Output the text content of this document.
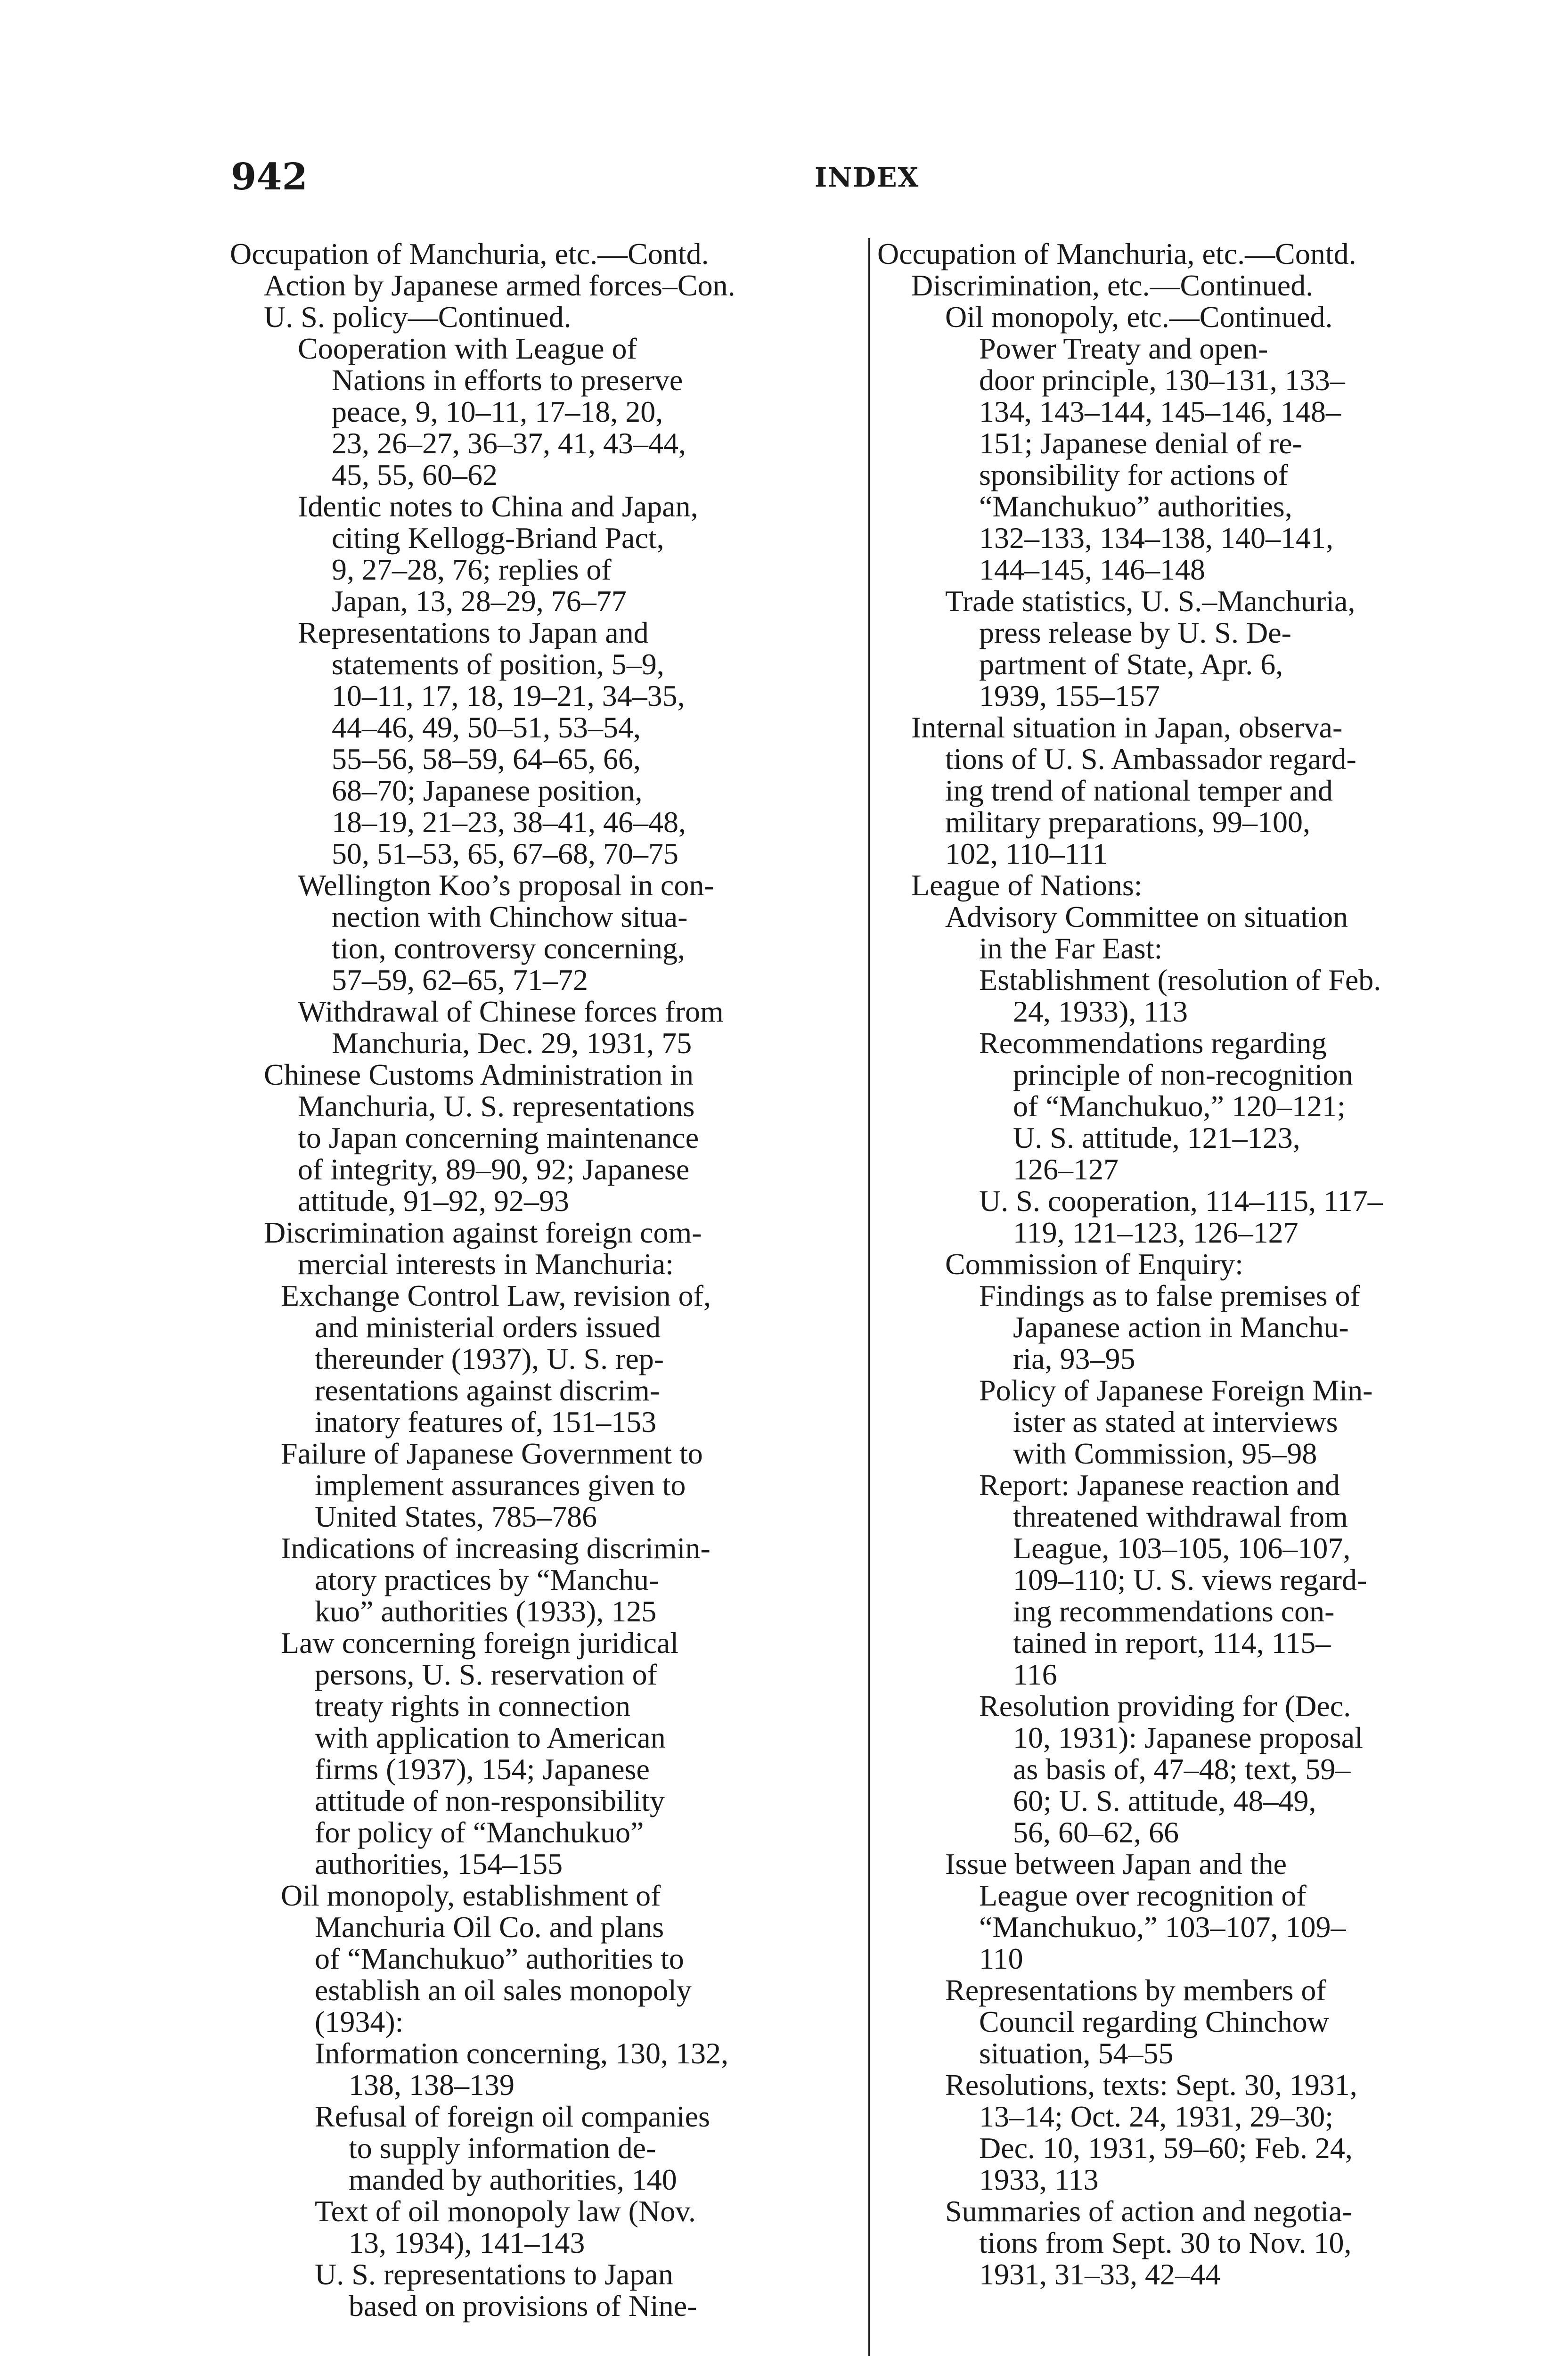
942	INDEX

Occupation of Manchuria, etc.—Contd.

Action by Japanese armed forces–Con.

U. S. policy—Continued.

Cooperation with League of

Nations in efforts to preserve

peace, 9, 10–11, 17–18, 20,

23, 26–27, 36–37, 41, 43–44,

45, 55, 60–62

Identic notes to China and Japan,

citing Kellogg-Briand Pact,

9, 27–28, 76; replies of

Japan, 13, 28–29, 76–77

Representations to Japan and

statements of position, 5–9,

10–11, 17, 18, 19–21, 34–35,

44–46, 49, 50–51, 53–54,

55–56, 58–59, 64–65, 66,

68–70; Japanese position,

18–19, 21–23, 38–41, 46–48,

50, 51–53, 65, 67–68, 70–75

Wellington Koo’s proposal in con-

nection with Chinchow situa-

tion, controversy concerning,

57–59, 62–65, 71–72

Withdrawal of Chinese forces from

Manchuria, Dec. 29, 1931, 75

Chinese Customs Administration in

Manchuria, U. S. representations

to Japan concerning maintenance

of integrity, 89–90, 92; Japanese

attitude, 91–92, 92–93

Discrimination against foreign com-

mercial interests in Manchuria:

Exchange Control Law, revision of,

and ministerial orders issued

thereunder (1937), U. S. rep-

resentations against discrim-

inatory features of, 151–153

Failure of Japanese Government to

implement assurances given to

United States, 785–786

Indications of increasing discrimin-

atory practices by “Manchu-

kuo” authorities (1933), 125

Law concerning foreign juridical

persons, U. S. reservation of

treaty rights in connection

with application to American

firms (1937), 154; Japanese

attitude of non-responsibility

for policy of “Manchukuo”

authorities, 154–155

Oil monopoly, establishment of

Manchuria Oil Co. and plans

of “Manchukuo” authorities to

establish an oil sales monopoly

(1934):

Information concerning, 130, 132,

138, 138–139

Refusal of foreign oil companies

to supply information de-

manded by authorities, 140

Text of oil monopoly law (Nov.

13, 1934), 141–143

U. S. representations to Japan

based on provisions of Nine-

Occupation of Manchuria, etc.—Contd.

Discrimination, etc.—Continued.

Oil monopoly, etc.—Continued.

Power Treaty and open-

door principle, 130–131, 133–

134, 143–144, 145–146, 148–

151; Japanese denial of re-

sponsibility for actions of

“Manchukuo” authorities,

132–133, 134–138, 140–141,

144–145, 146–148

Trade statistics, U. S.–Manchuria,

press release by U. S. De-

partment of State, Apr. 6,

1939, 155–157

Internal situation in Japan, observa-

tions of U. S. Ambassador regard-

ing trend of national temper and

military preparations, 99–100,

102, 110–111

League of Nations:

Advisory Committee on situation

in the Far East:

Establishment (resolution of Feb.

24, 1933), 113

Recommendations regarding

principle of non-recognition

of “Manchukuo,” 120–121;

U. S. attitude, 121–123,

126–127

U. S. cooperation, 114–115, 117–

119, 121–123, 126–127

Commission of Enquiry:

Findings as to false premises of

Japanese action in Manchu-

ria, 93–95

Policy of Japanese Foreign Min-

ister as stated at interviews

with Commission, 95–98

Report: Japanese reaction and

threatened withdrawal from

League, 103–105, 106–107,

109–110; U. S. views regard-

ing recommendations con-

tained in report, 114, 115–

116

Resolution providing for (Dec.

10, 1931): Japanese proposal

as basis of, 47–48; text, 59–

60; U. S. attitude, 48–49,

56, 60–62, 66

Issue between Japan and the

League over recognition of

“Manchukuo,” 103–107, 109–

110

Representations by members of

Council regarding Chinchow

situation, 54–55

Resolutions, texts: Sept. 30, 1931,

13–14; Oct. 24, 1931, 29–30;

Dec. 10, 1931, 59–60; Feb. 24,

1933, 113

Summaries of action and negotia-

tions from Sept. 30 to Nov. 10,

1931, 31–33, 42–44
